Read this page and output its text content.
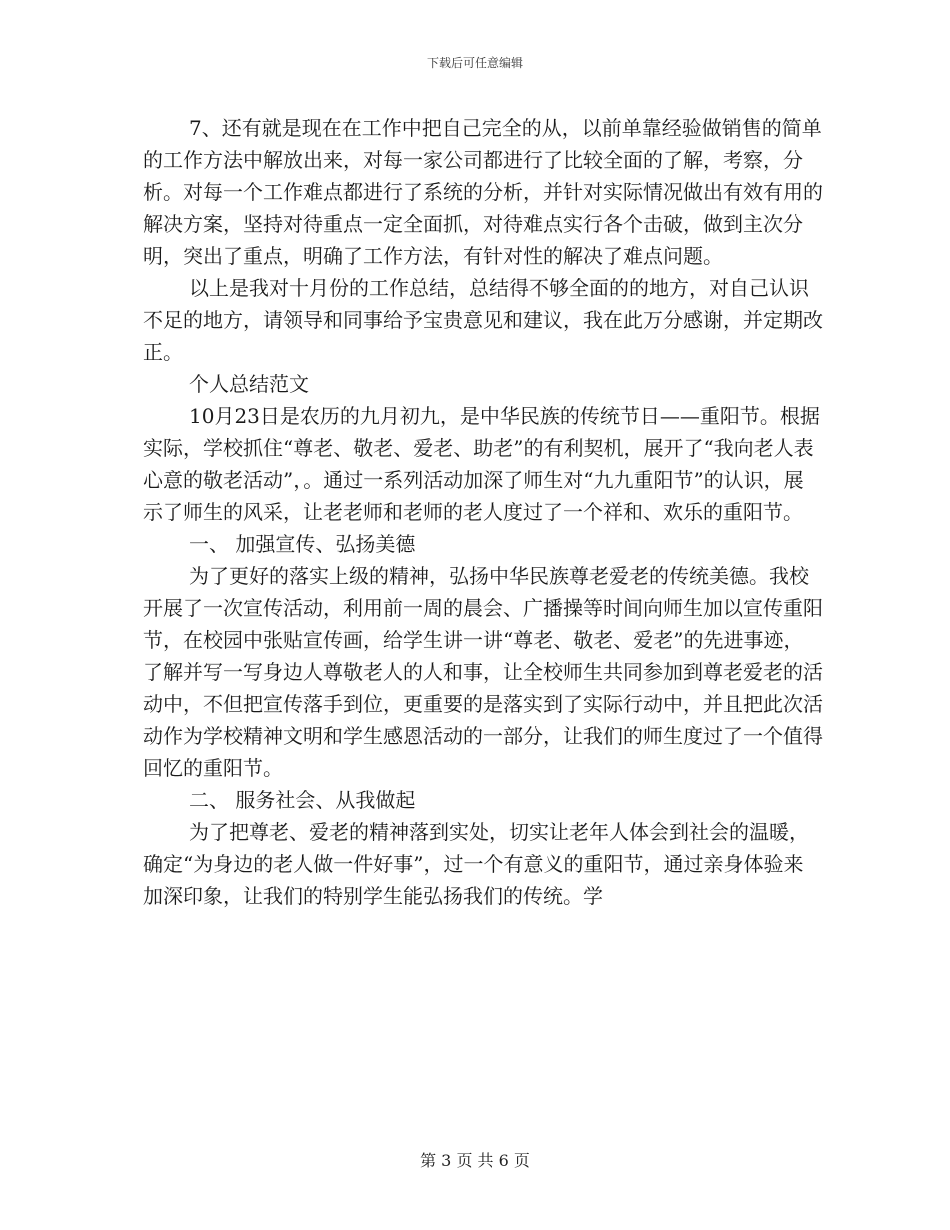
下载后可任意编辑

7、还有就是现在在工作中把自己完全的从，以前单靠经验做销售的简单的工作方法中解放出来，对每一家公司都进行了比较全面的了解，考察，分析。对每一个工作难点都进行了系统的分析，并针对实际情况做出有效有用的解决方案，坚持对待重点一定全面抓，对待难点实行各个击破，做到主次分明，突出了重点，明确了工作方法，有针对性的解决了难点问题。

以上是我对十月份的工作总结，总结得不够全面的的地方，对自己认识不足的地方，请领导和同事给予宝贵意见和建议，我在此万分感谢，并定期改正。

个人总结范文

10月23日是农历的九月初九，是中华民族的传统节日——重阳节。根据实际，学校抓住“尊老、敬老、爱老、助老”的有利契机，展开了“我向老人表心意的敬老活动”，。通过一系列活动加深了师生对“九九重阳节”的认识，展示了师生的风采，让老老师和老师的老人度过了一个祥和、欢乐的重阳节。

一、 加强宣传、弘扬美德

为了更好的落实上级的精神，弘扬中华民族尊老爱老的传统美德。我校开展了一次宣传活动，利用前一周的晨会、广播操等时间向师生加以宣传重阳节，在校园中张贴宣传画，给学生讲一讲“尊老、敬老、爱老”的先进事迹，了解并写一写身边人尊敬老人的人和事，让全校师生共同参加到尊老爱老的活动中，不但把宣传落手到位，更重要的是落实到了实际行动中，并且把此次活动作为学校精神文明和学生感恩活动的一部分，让我们的师生度过了一个值得回忆的重阳节。

二、 服务社会、从我做起

为了把尊老、爱老的精神落到实处，切实让老年人体会到社会的温暖，确定“为身边的老人做一件好事”，过一个有意义的重阳节，通过亲身体验来加深印象，让我们的特别学生能弘扬我们的传统。学

第 3 页 共 6 页
